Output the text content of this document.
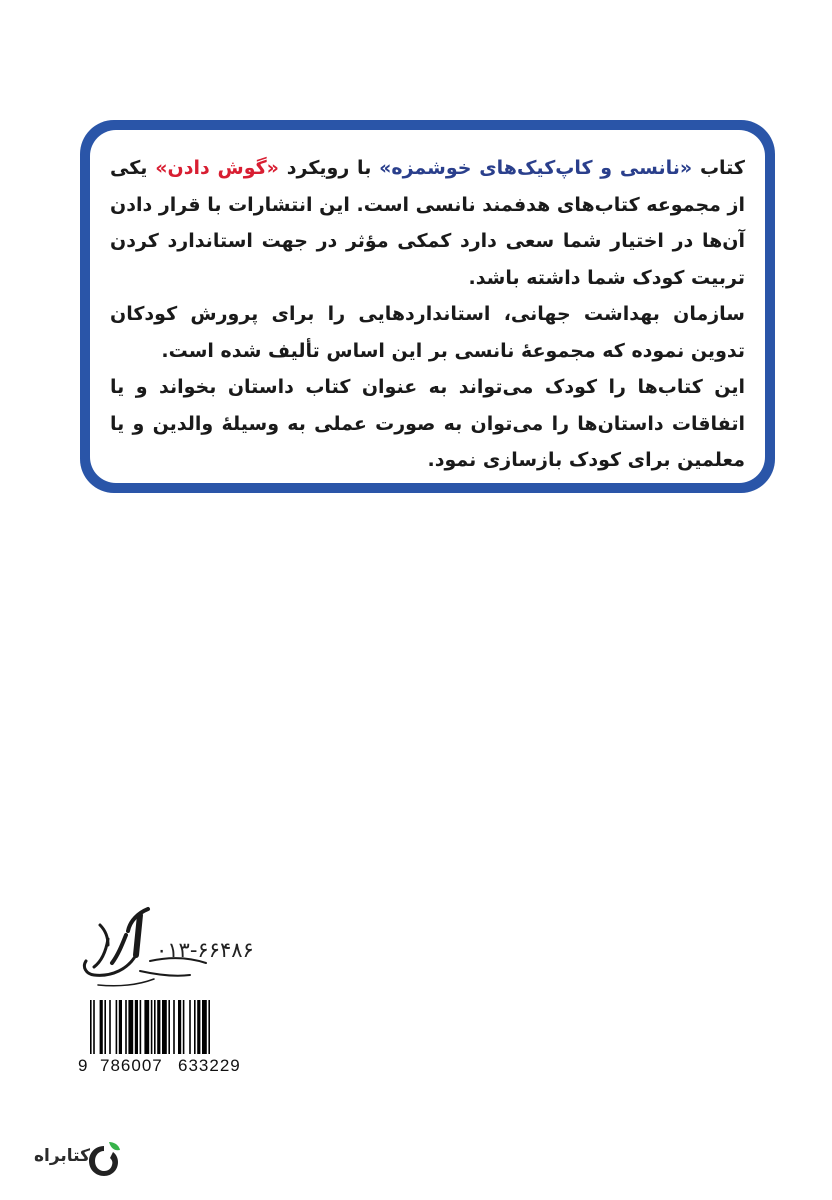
کتاب «نانسی و کاپ‌کیک‌های خوشمزه» با رویکرد «گوش دادن» یکی از مجموعه کتاب‌های هدفمند نانسی است. این انتشارات با قرار دادن آن‌ها در اختیار شما سعی دارد کمکی مؤثر در جهت استاندارد کردن تربیت کودک شما داشته باشد.
سازمان بهداشت جهانی، استانداردهایی را برای پرورش کودکان تدوین نموده که مجموعهٔ نانسی بر این اساس تألیف شده است.
این کتاب‌ها را کودک می‌تواند به عنوان کتاب داستان بخواند و یا اتفاقات داستان‌ها را می‌توان به صورت عملی به وسیلهٔ والدین و یا معلمین برای کودک بازسازی نمود.

۰۱۳-۶۶۴۸۶
9 786007 633229
کتابراه
